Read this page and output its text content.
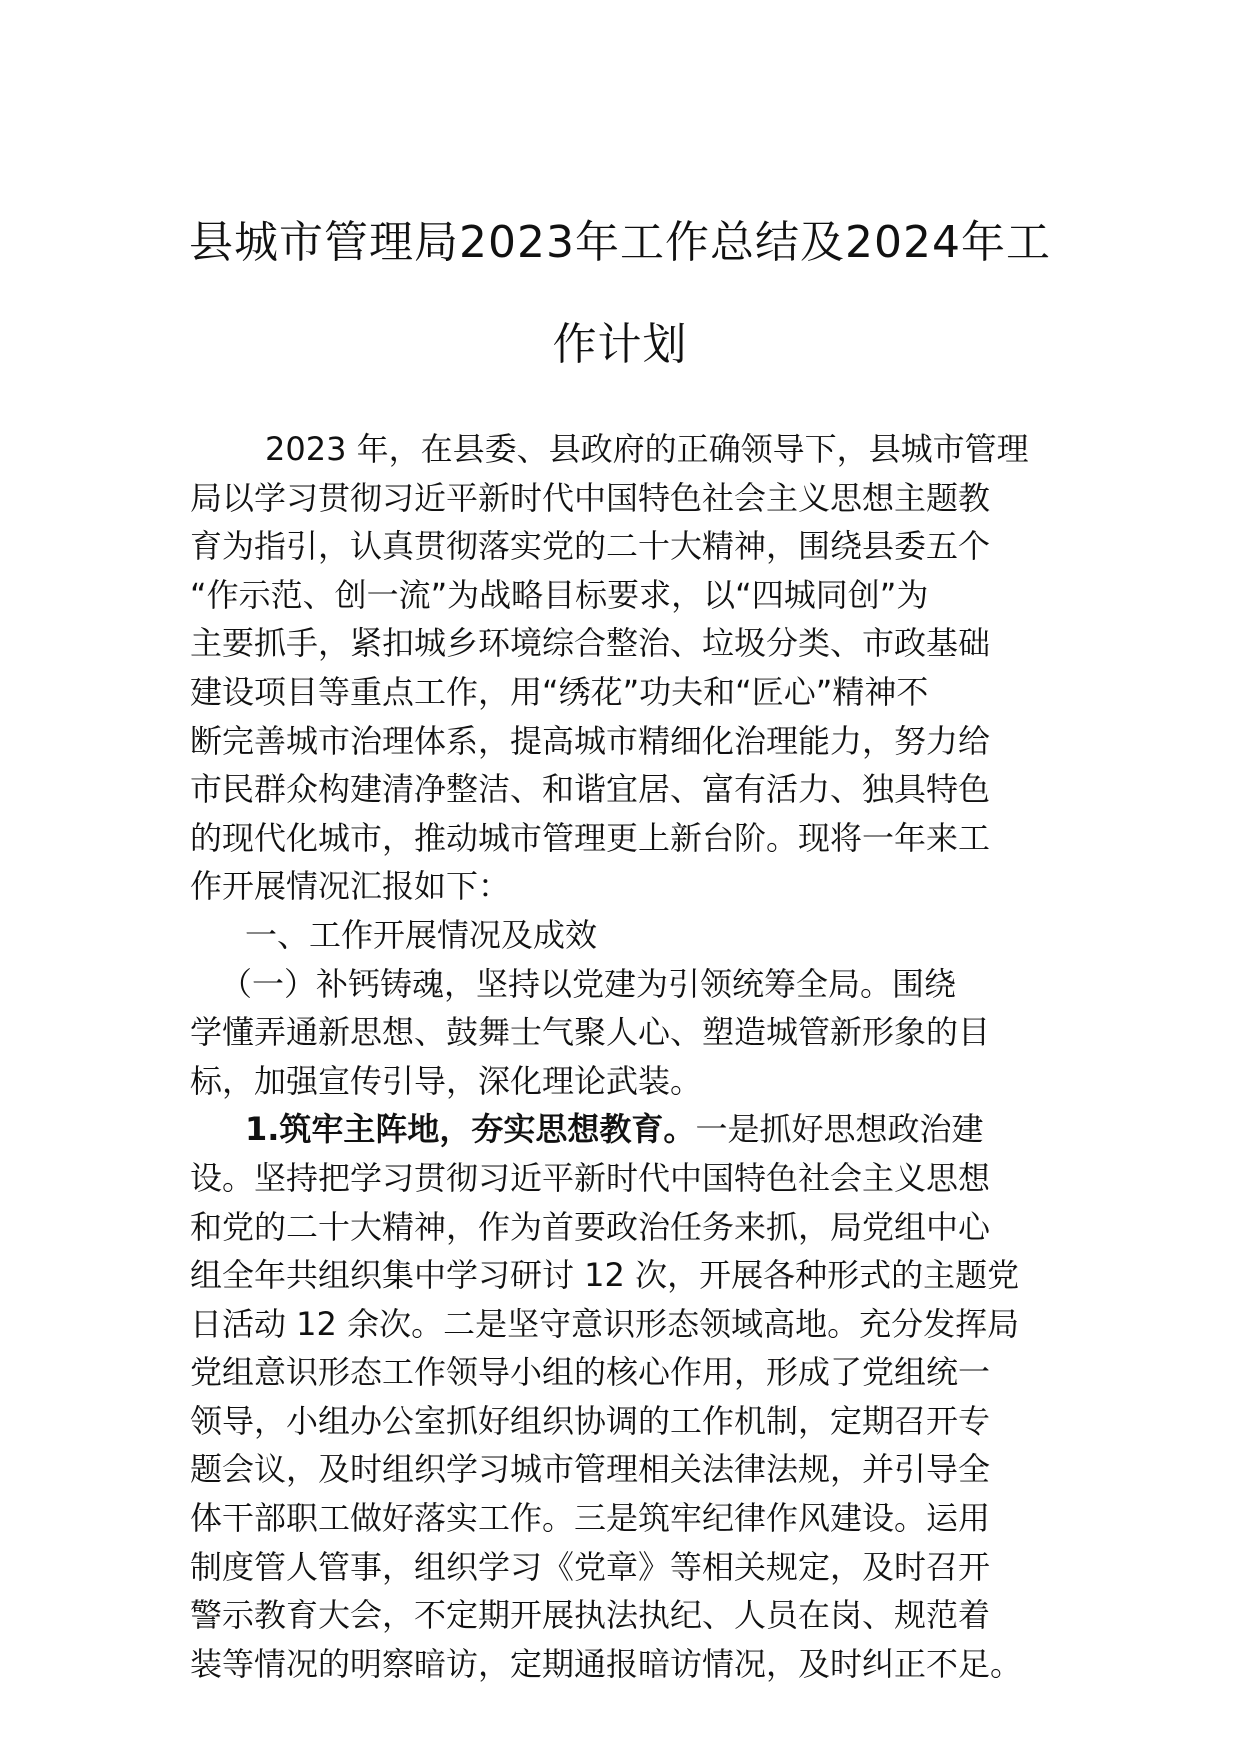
县城市管理局2023年工作总结及2024年工
作计划
2023 年，在县委、县政府的正确领导下，县城市管理
局以学习贯彻习近平新时代中国特色社会主义思想主题教
育为指引，认真贯彻落实党的二十大精神，围绕县委五个
“作示范、创一流”为战略目标要求，以“四城同创”为
主要抓手，紧扣城乡环境综合整治、垃圾分类、市政基础
建设项目等重点工作，用“绣花”功夫和“匠心”精神不
断完善城市治理体系，提高城市精细化治理能力，努力给
市民群众构建清净整洁、和谐宜居、富有活力、独具特色
的现代化城市，推动城市管理更上新台阶。现将一年来工
作开展情况汇报如下：
一、工作开展情况及成效
（一）补钙铸魂，坚持以党建为引领统筹全局。围绕
学懂弄通新思想、鼓舞士气聚人心、塑造城管新形象的目
标，加强宣传引导，深化理论武装。
1.筑牢主阵地，夯实思想教育。一是抓好思想政治建
设。坚持把学习贯彻习近平新时代中国特色社会主义思想
和党的二十大精神，作为首要政治任务来抓，局党组中心
组全年共组织集中学习研讨 12 次，开展各种形式的主题党
日活动 12 余次。二是坚守意识形态领域高地。充分发挥局
党组意识形态工作领导小组的核心作用，形成了党组统一
领导，小组办公室抓好组织协调的工作机制，定期召开专
题会议，及时组织学习城市管理相关法律法规，并引导全
体干部职工做好落实工作。三是筑牢纪律作风建设。运用
制度管人管事，组织学习《党章》等相关规定，及时召开
警示教育大会，不定期开展执法执纪、人员在岗、规范着
装等情况的明察暗访，定期通报暗访情况，及时纠正不足。
